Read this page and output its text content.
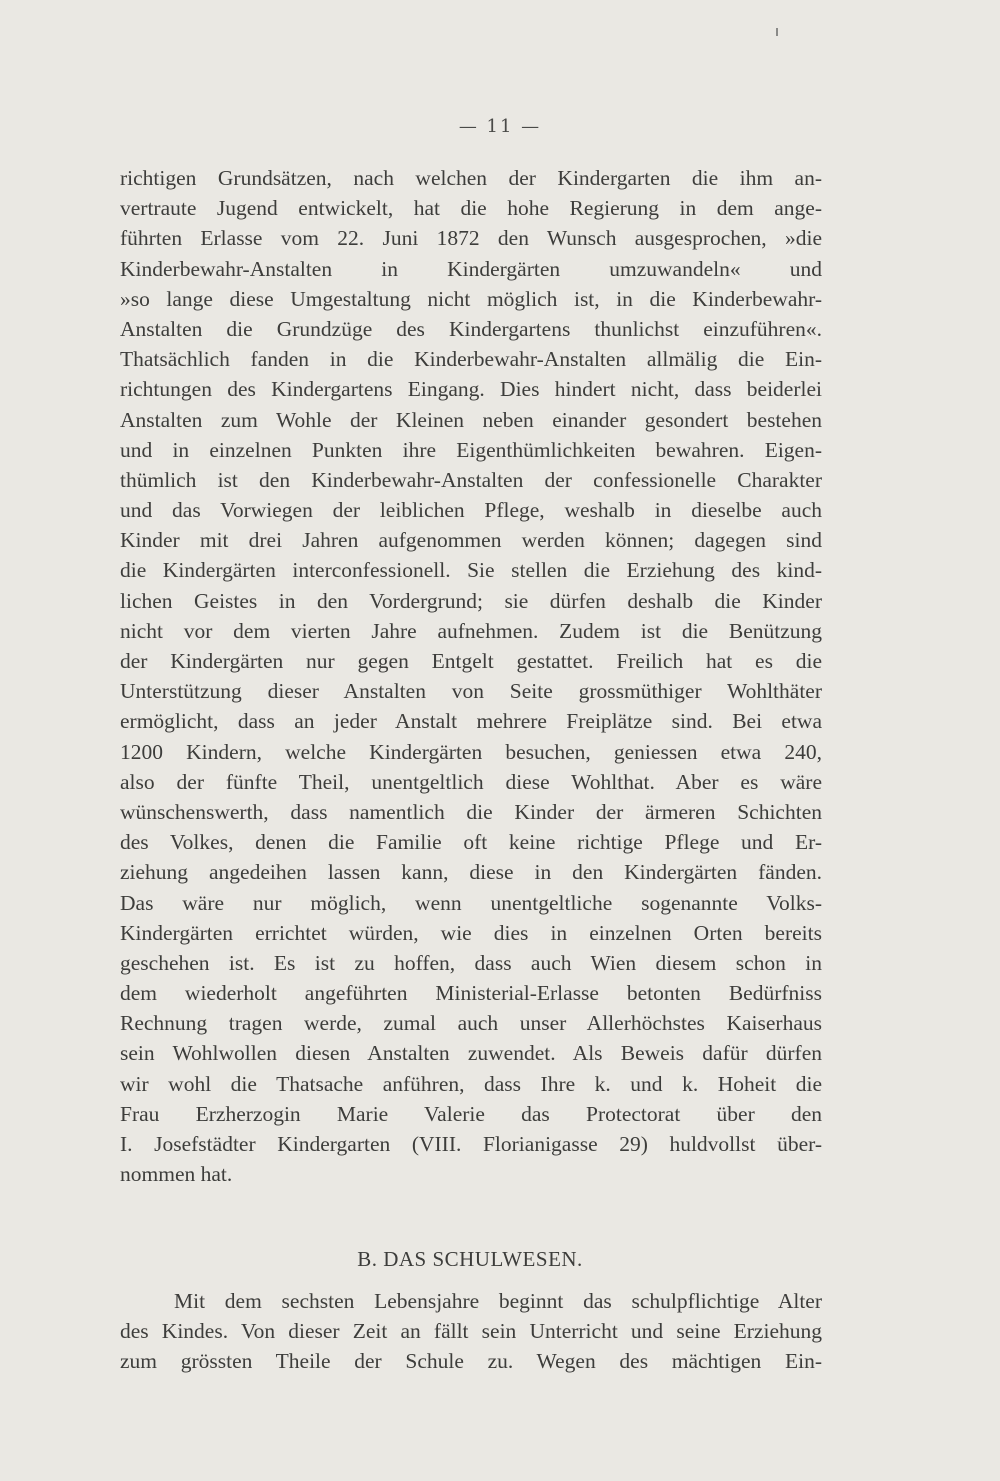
— 11 —
richtigen Grundsätzen, nach welchen der Kindergarten die ihm an-
vertraute Jugend entwickelt, hat die hohe Regierung in dem ange-
führten Erlasse vom 22. Juni 1872 den Wunsch ausgesprochen, »die
Kinderbewahr-Anstalten in Kindergärten umzuwandeln« und
»so lange diese Umgestaltung nicht möglich ist, in die Kinderbewahr-
Anstalten die Grundzüge des Kindergartens thunlichst einzuführen«.
Thatsächlich fanden in die Kinderbewahr-Anstalten allmälig die Ein-
richtungen des Kindergartens Eingang. Dies hindert nicht, dass beiderlei
Anstalten zum Wohle der Kleinen neben einander gesondert bestehen
und in einzelnen Punkten ihre Eigenthümlichkeiten bewahren. Eigen-
thümlich ist den Kinderbewahr-Anstalten der confessionelle Charakter
und das Vorwiegen der leiblichen Pflege, weshalb in dieselbe auch
Kinder mit drei Jahren aufgenommen werden können; dagegen sind
die Kindergärten interconfessionell. Sie stellen die Erziehung des kind-
lichen Geistes in den Vordergrund; sie dürfen deshalb die Kinder
nicht vor dem vierten Jahre aufnehmen. Zudem ist die Benützung
der Kindergärten nur gegen Entgelt gestattet. Freilich hat es die
Unterstützung dieser Anstalten von Seite grossmüthiger Wohlthäter
ermöglicht, dass an jeder Anstalt mehrere Freiplätze sind. Bei etwa
1200 Kindern, welche Kindergärten besuchen, geniessen etwa 240,
also der fünfte Theil, unentgeltlich diese Wohlthat. Aber es wäre
wünschenswerth, dass namentlich die Kinder der ärmeren Schichten
des Volkes, denen die Familie oft keine richtige Pflege und Er-
ziehung angedeihen lassen kann, diese in den Kindergärten fänden.
Das wäre nur möglich, wenn unentgeltliche sogenannte Volks-
Kindergärten errichtet würden, wie dies in einzelnen Orten bereits
geschehen ist. Es ist zu hoffen, dass auch Wien diesem schon in
dem wiederholt angeführten Ministerial-Erlasse betonten Bedürfniss
Rechnung tragen werde, zumal auch unser Allerhöchstes Kaiserhaus
sein Wohlwollen diesen Anstalten zuwendet. Als Beweis dafür dürfen
wir wohl die Thatsache anführen, dass Ihre k. und k. Hoheit die
Frau Erzherzogin Marie Valerie das Protectorat über den
I. Josefstädter Kindergarten (VIII. Florianigasse 29) huldvollst über-
nommen hat.
B. DAS SCHULWESEN.
Mit dem sechsten Lebensjahre beginnt das schulpflichtige Alter
des Kindes. Von dieser Zeit an fällt sein Unterricht und seine Erziehung
zum grössten Theile der Schule zu. Wegen des mächtigen Ein-
